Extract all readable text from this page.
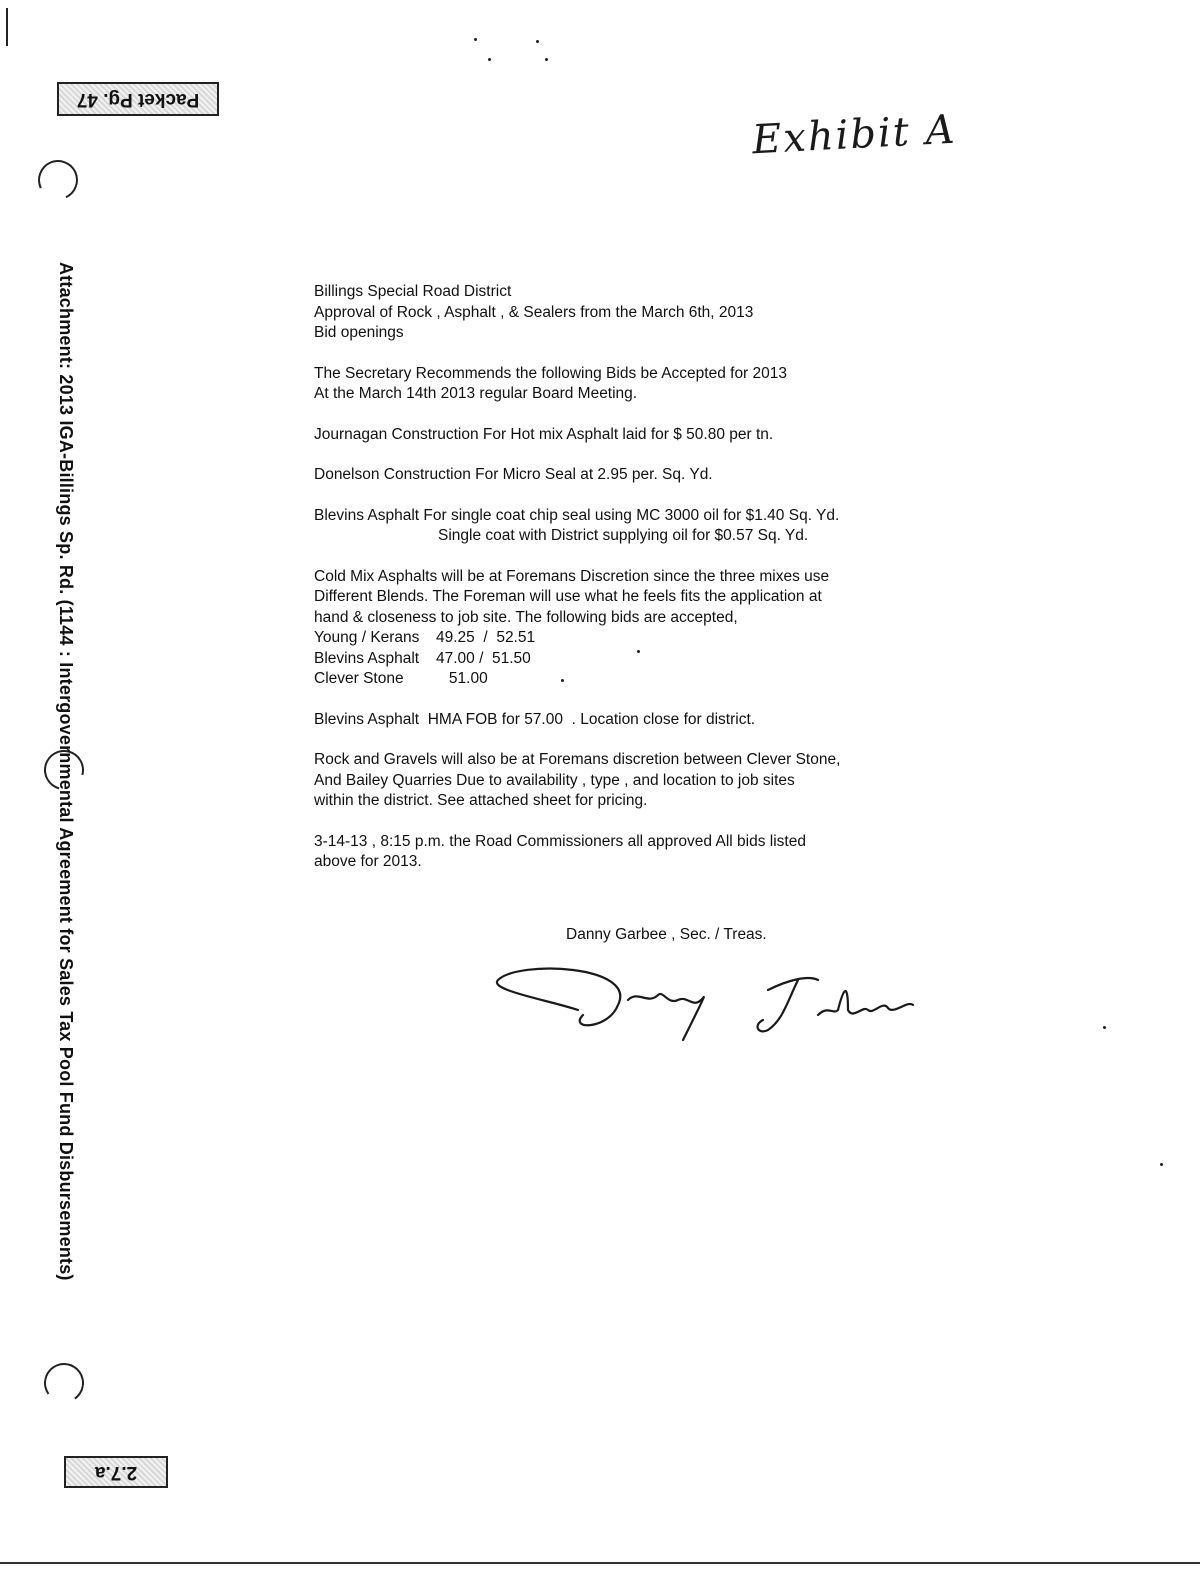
Packet Pg. 47
2.7.a
Attachment: 2013 IGA-Billings Sp. Rd. (1144 : Intergovernmental Agreement for Sales Tax Pool Fund Disbursements)
Exhibit A

Billings Special Road District

Approval of Rock , Asphalt , & Sealers from the March 6th, 2013

Bid openings

The Secretary Recommends the following Bids be Accepted for 2013

At the March 14th 2013 regular Board Meeting.

Journagan Construction For Hot mix Asphalt laid for $ 50.80 per tn.

Donelson Construction For Micro Seal at 2.95 per. Sq. Yd.

Blevins Asphalt For single coat chip seal using MC 3000 oil for $1.40 Sq. Yd.

Single coat with District supplying oil for $0.57 Sq. Yd.

Cold Mix Asphalts will be at Foremans Discretion since the three mixes use

Different Blends. The Foreman will use what he feels fits the application at

hand & closeness to job site. The following bids are accepted,

Young / Kerans	49.25  /  52.51
Blevins Asphalt	47.00 /  51.50
Clever Stone	51.00

Blevins Asphalt  HMA FOB for 57.00  . Location close for district.

Rock and Gravels will also be at Foremans discretion between Clever Stone,

And Bailey Quarries Due to availability , type , and location to job sites

within the district. See attached sheet for pricing.

3-14-13 , 8:15 p.m. the Road Commissioners all approved All bids listed

above for 2013.

Danny Garbee , Sec. / Treas.
